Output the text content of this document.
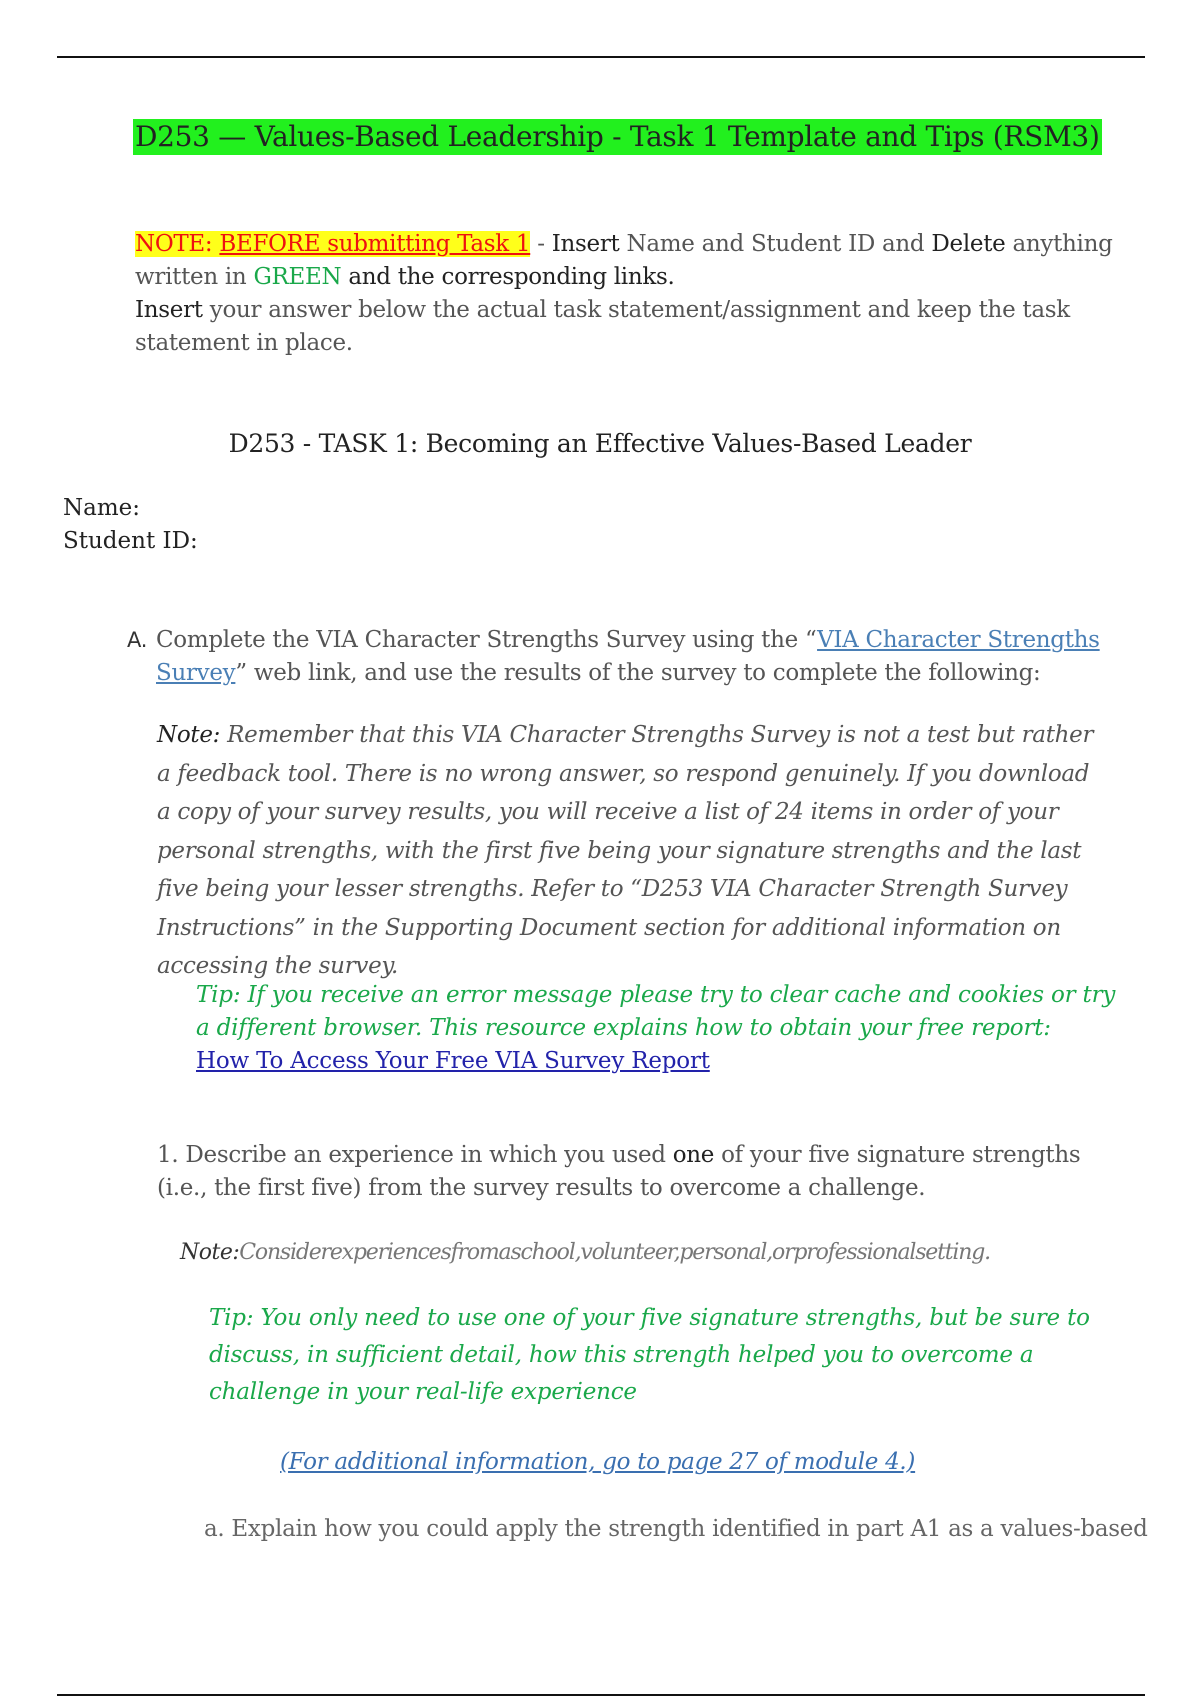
D253 — Values-Based Leadership - Task 1 Template and Tips (RSM3)
NOTE: BEFORE submitting Task 1 - Insert Name and Student ID and Delete anything written in GREEN and the corresponding links.
Insert your answer below the actual task statement/assignment and keep the task statement in place.
D253 - TASK 1: Becoming an Effective Values-Based Leader
Name:
Student ID:
A. Complete the VIA Character Strengths Survey using the “VIA Character Strengths Survey” web link, and use the results of the survey to complete the following:
Note: Remember that this VIA Character Strengths Survey is not a test but rather a feedback tool. There is no wrong answer, so respond genuinely. If you download a copy of your survey results, you will receive a list of 24 items in order of your personal strengths, with the first five being your signature strengths and the last five being your lesser strengths. Refer to “D253 VIA Character Strength Survey Instructions” in the Supporting Document section for additional information on accessing the survey.
Tip: If you receive an error message please try to clear cache and cookies or try a different browser. This resource explains how to obtain your free report:
How To Access Your Free VIA Survey Report
1. Describe an experience in which you used one of your five signature strengths (i.e., the first five) from the survey results to overcome a challenge.
Note:Considerexperiencesfromaschool,volunteer,personal,orprofessionalsetting.
Tip: You only need to use one of your five signature strengths, but be sure to discuss, in sufficient detail, how this strength helped you to overcome a challenge in your real-life experience
(For additional information, go to page 27 of module 4.)
a. Explain how you could apply the strength identified in part A1 as a values-based
